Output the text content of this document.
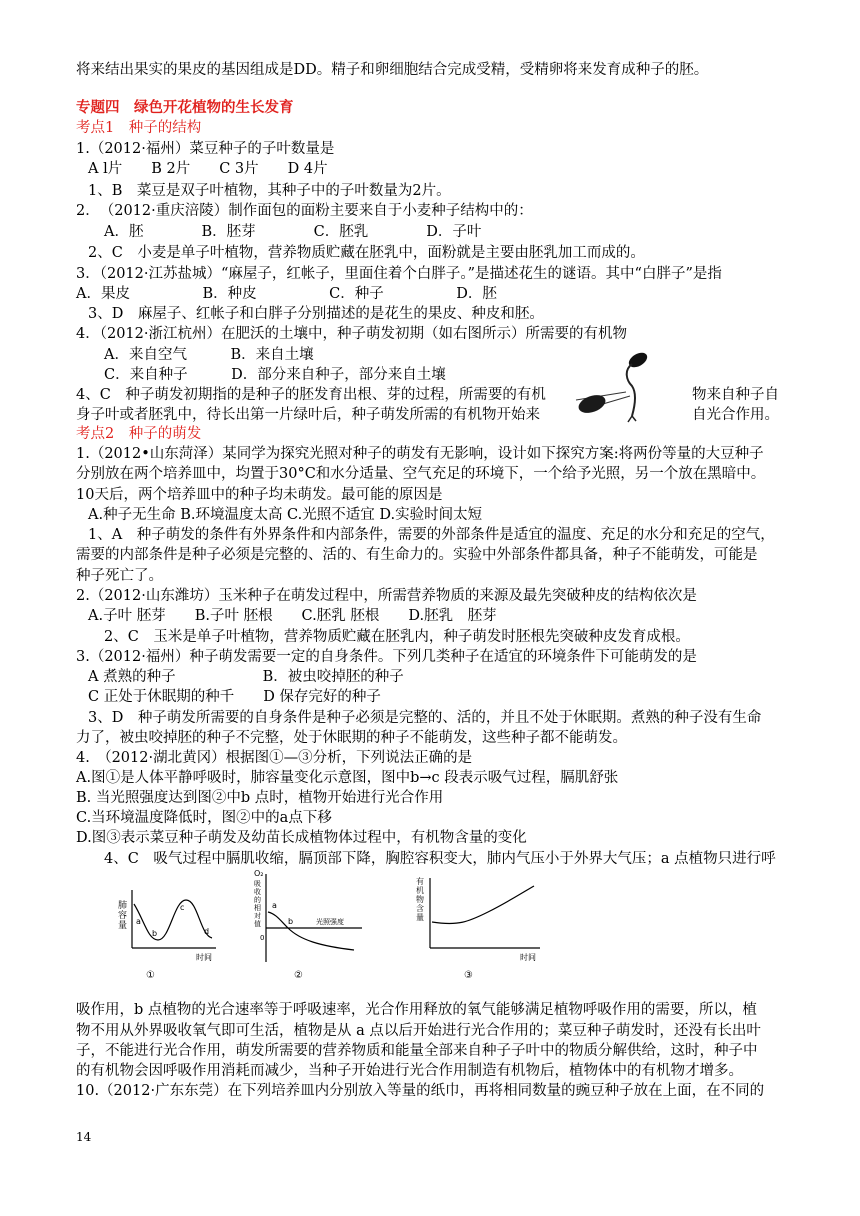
将来结出果实的果皮的基因组成是DD。精子和卵细胞结合完成受精，受精卵将来发育成种子的胚。
专题四　绿色开花植物的生长发育
考点1　种子的结构
1.（2012·福州）菜豆种子的子叶数量是
A l片　　B 2片　　C 3片　　D 4片
1、B　菜豆是双子叶植物，其种子中的子叶数量为2片。
2．　（2012·重庆涪陵）制作面包的面粉主要来自于小麦种子结构中的：
A．胚　　　　B．胚芽　　　　C．胚乳　　　　D．子叶
2、C　小麦是单子叶植物，营养物质贮藏在胚乳中，面粉就是主要由胚乳加工而成的。
3．（2012·江苏盐城）“麻屋子，红帐子，里面住着个白胖子。”是描述花生的谜语。其中“白胖子”是指
A．果皮　　　　　B．种皮　　　　　C．种子　　　　　D．胚
3、D　麻屋子、红帐子和白胖子分别描述的是花生的果皮、种皮和胚。
4．（2012·浙江杭州）在肥沃的土壤中，种子萌发初期（如右图所示）所需要的有机物
A．来自空气　　　B．来自土壤
C．来自种子　　　D．部分来自种子，部分来自土壤
4、C　种子萌发初期指的是种子的胚发育出根、芽的过程，所需要的有机
身子叶或者胚乳中，待长出第一片绿叶后，种子萌发所需的有机物开始来
物来自种子自
自光合作用。
考点2　种子的萌发
1.（2012•山东菏泽）某同学为探究光照对种子的萌发有无影响，设计如下探究方案:将两份等量的大豆种子
分别放在两个培养皿中，均置于30°C和水分适量、空气充足的环境下，一个给予光照，另一个放在黑暗中。
10天后，两个培养皿中的种子均未萌发。最可能的原因是
A.种子无生命 B.环境温度太高 C.光照不适宜 D.实验时间太短
1、A　种子萌发的条件有外界条件和内部条件，需要的外部条件是适宜的温度、充足的水分和充足的空气，
需要的内部条件是种子必须是完整的、活的、有生命力的。实验中外部条件都具备，种子不能萌发，可能是
种子死亡了。
2.（2012·山东潍坊）玉米种子在萌发过程中，所需营养物质的来源及最先突破种皮的结构依次是
A.子叶 胚芽　　B.子叶 胚根　　C.胚乳 胚根　　D.胚乳　胚芽
2、C　玉米是单子叶植物，营养物质贮藏在胚乳内，种子萌发时胚根先突破种皮发育成根。
3.（2012·福州）种子萌发需要一定的自身条件。下列几类种子在适宜的环境条件下可能萌发的是
A 煮熟的种子　　　　　　B．被虫咬掉胚的种子
C 正处于休眠期的种千　　D 保存完好的种子
3、D　种子萌发所需要的自身条件是种子必须是完整的、活的，并且不处于休眠期。煮熟的种子没有生命
力了，被虫咬掉胚的种子不完整，处于休眠期的种子不能萌发，这些种子都不能萌发。
4.　（2012·湖北黄冈）根据图①—③分析，下列说法正确的是
A.图①是人体平静呼吸时，肺容量变化示意图，图中b→c 段表示吸气过程，膈肌舒张
B. 当光照强度达到图②中b 点时，植物开始进行光合作用
C.当环境温度降低时，图②中的a点下移
D.图③表示菜豆种子萌发及幼苗长成植物体过程中，有机物含量的变化
4、C　吸气过程中膈肌收缩，膈顶部下降，胸腔容积变大，肺内气压小于外界大气压；a 点植物只进行呼
肺
容
量 a
b
c
d
时间
①
O₂
吸
收
的
相
对
值
0
a
b	光照强度
②
有
机
物
含
量
时间
③
吸作用，b 点植物的光合速率等于呼吸速率，光合作用释放的氧气能够满足植物呼吸作用的需要，所以，植
物不用从外界吸收氧气即可生活，植物是从 a 点以后开始进行光合作用的；菜豆种子萌发时，还没有长出叶
子，不能进行光合作用，萌发所需要的营养物质和能量全部来自种子子叶中的物质分解供给，这时，种子中
的有机物会因呼吸作用消耗而减少，当种子开始进行光合作用制造有机物后，植物体中的有机物才增多。
10.（2012·广东东莞）在下列培养皿内分别放入等量的纸巾，再将相同数量的豌豆种子放在上面，在不同的
14
